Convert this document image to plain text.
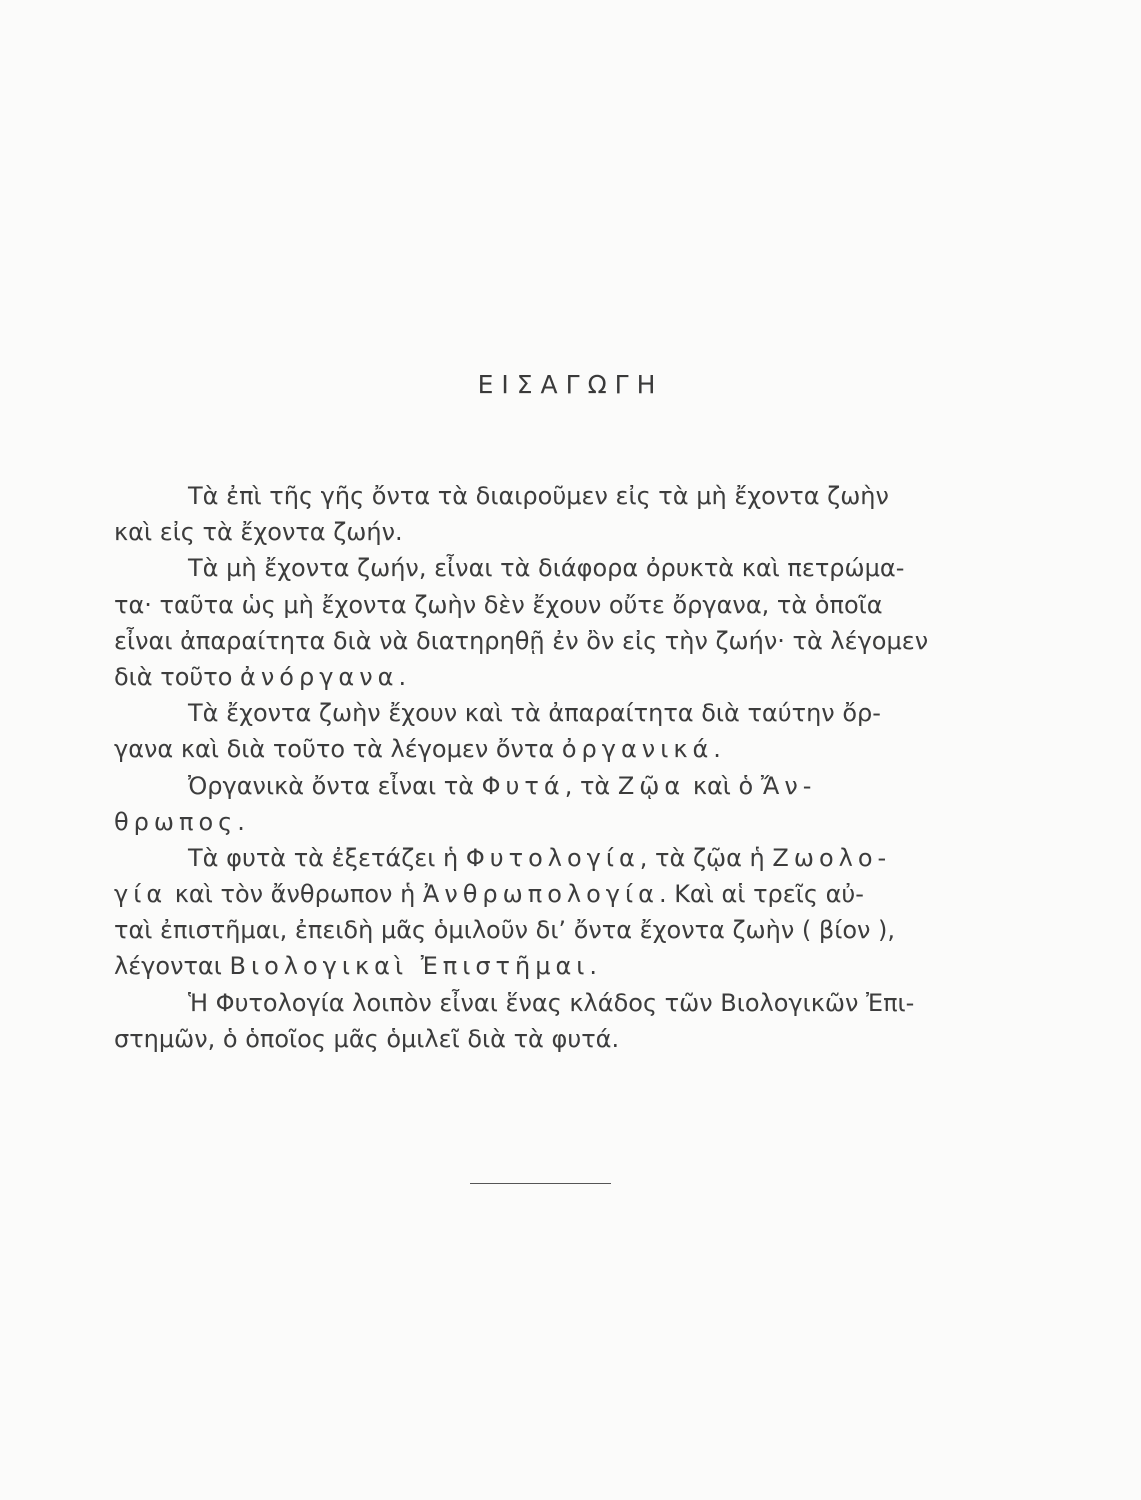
ΕΙΣΑΓΩΓΗ
Τὰ ἐπὶ τῆς γῆς ὄντα τὰ διαιροῦμεν εἰς τὰ μὴ ἔχοντα ζωὴν
καὶ εἰς τὰ ἔχοντα ζωήν.
Τὰ μὴ ἔχοντα ζωήν, εἶναι τὰ διάφορα ὀρυκτὰ καὶ πετρώμα-
τα· ταῦτα ὡς μὴ ἔχοντα ζωὴν δὲν ἔχουν οὔτε ὄργανα, τὰ ὁποῖα
εἶναι ἀπαραίτητα διὰ νὰ διατηρηθῇ ἐν ὂν εἰς τὴν ζωήν· τὰ λέγομεν
διὰ τοῦτο ἀνόργανα.
Τὰ ἔχοντα ζωὴν ἔχουν καὶ τὰ ἀπαραίτητα διὰ ταύτην ὄρ-
γανα καὶ διὰ τοῦτο τὰ λέγομεν ὄντα ὀργανικά.
Ὀργανικὰ ὄντα εἶναι τὰ Φυτά, τὰ Ζῷα καὶ ὁ Ἄν-
θρωπος.
Τὰ φυτὰ τὰ ἐξετάζει ἡ Φυτολογία, τὰ ζῷα ἡ Ζωολο-
γία καὶ τὸν ἄνθρωπον ἡ Ἀνθρωπολογία. Καὶ αἱ τρεῖς αὐ-
ταὶ ἐπιστῆμαι, ἐπειδὴ μᾶς ὁμιλοῦν δι’ ὄντα ἔχοντα ζωὴν ( βίον ),
λέγονται Βιολογικαὶ Ἐπιστῆμαι.
Ἡ Φυτολογία λοιπὸν εἶναι ἕνας κλάδος τῶν Βιολογικῶν Ἐπι-
στημῶν, ὁ ὁποῖος μᾶς ὁμιλεῖ διὰ τὰ φυτά.
